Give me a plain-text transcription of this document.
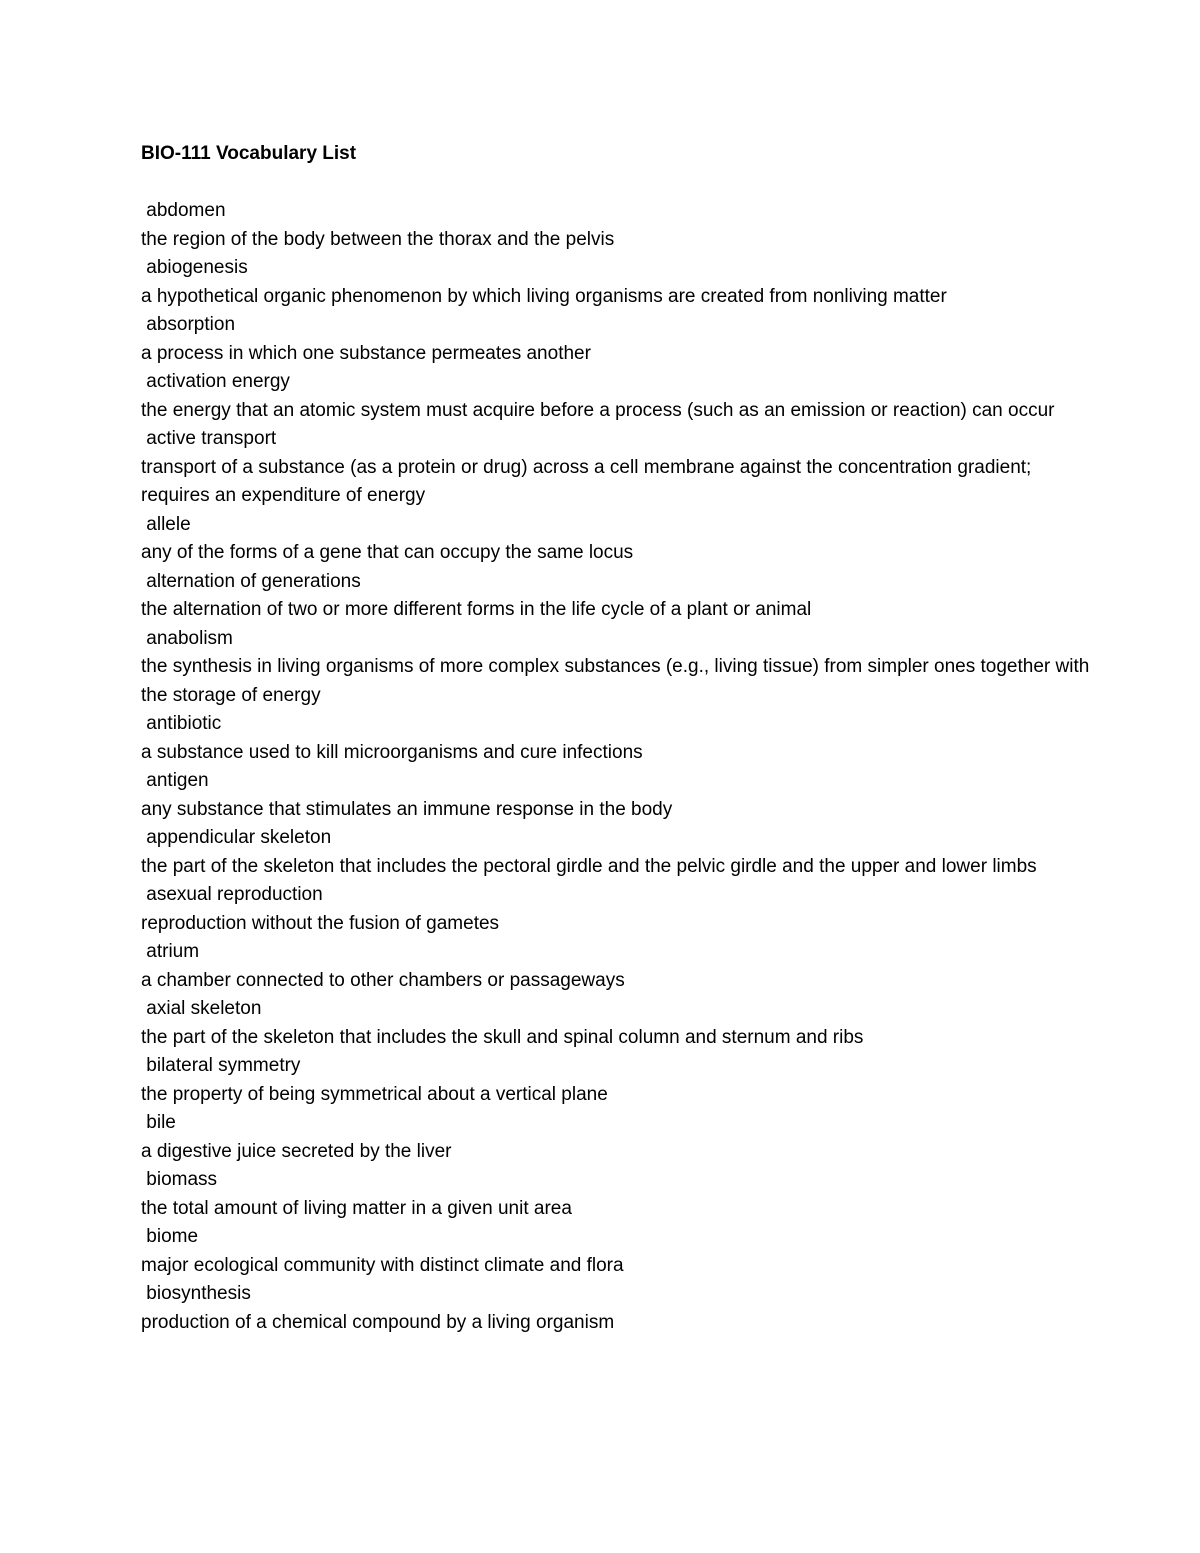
BIO-111 Vocabulary List
abdomen
the region of the body between the thorax and the pelvis
abiogenesis
a hypothetical organic phenomenon by which living organisms are created from nonliving matter
absorption
a process in which one substance permeates another
activation energy
the energy that an atomic system must acquire before a process (such as an emission or reaction) can occur
active transport
transport of a substance (as a protein or drug) across a cell membrane against the concentration gradient; requires an expenditure of energy
allele
any of the forms of a gene that can occupy the same locus
alternation of generations
the alternation of two or more different forms in the life cycle of a plant or animal
anabolism
the synthesis in living organisms of more complex substances (e.g., living tissue) from simpler ones together with the storage of energy
antibiotic
a substance used to kill microorganisms and cure infections
antigen
any substance that stimulates an immune response in the body
appendicular skeleton
the part of the skeleton that includes the pectoral girdle and the pelvic girdle and the upper and lower limbs
asexual reproduction
reproduction without the fusion of gametes
atrium
a chamber connected to other chambers or passageways
axial skeleton
the part of the skeleton that includes the skull and spinal column and sternum and ribs
bilateral symmetry
the property of being symmetrical about a vertical plane
bile
a digestive juice secreted by the liver
biomass
the total amount of living matter in a given unit area
biome
major ecological community with distinct climate and flora
biosynthesis
production of a chemical compound by a living organism
